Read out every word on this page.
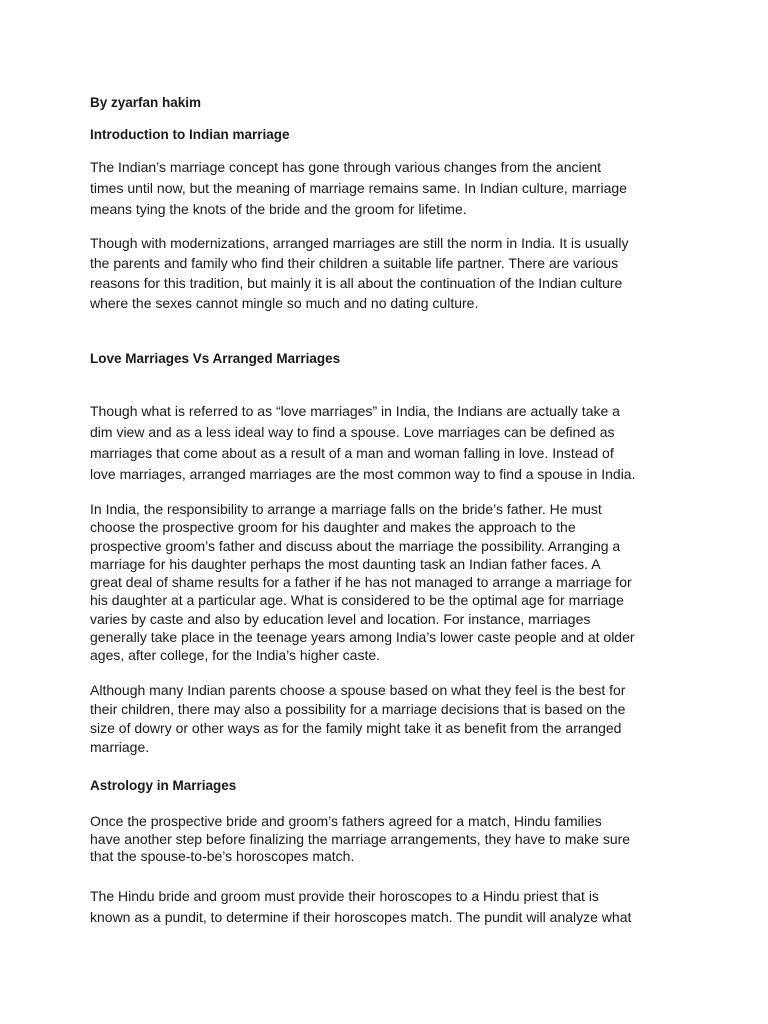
By zyarfan hakim
Introduction to Indian marriage
The Indian’s marriage concept has gone through various changes from the ancient
times until now, but the meaning of marriage remains same. In Indian culture, marriage
means tying the knots of the bride and the groom for lifetime.
Though with modernizations, arranged marriages are still the norm in India. It is usually
the parents and family who find their children a suitable life partner. There are various
reasons for this tradition, but mainly it is all about the continuation of the Indian culture
where the sexes cannot mingle so much and no dating culture.
Love Marriages Vs Arranged Marriages
Though what is referred to as “love marriages” in India, the Indians are actually take a
dim view and as a less ideal way to find a spouse. Love marriages can be defined as
marriages that come about as a result of a man and woman falling in love. Instead of
love marriages, arranged marriages are the most common way to find a spouse in India.
In India, the responsibility to arrange a marriage falls on the bride’s father. He must
choose the prospective groom for his daughter and makes the approach to the
prospective groom’s father and discuss about the marriage the possibility. Arranging a
marriage for his daughter perhaps the most daunting task an Indian father faces. A
great deal of shame results for a father if he has not managed to arrange a marriage for
his daughter at a particular age. What is considered to be the optimal age for marriage
varies by caste and also by education level and location. For instance, marriages
generally take place in the teenage years among India’s lower caste people and at older
ages, after college, for the India’s higher caste.
Although many Indian parents choose a spouse based on what they feel is the best for
their children, there may also a possibility for a marriage decisions that is based on the
size of dowry or other ways as for the family might take it as benefit from the arranged
marriage.
Astrology in Marriages
Once the prospective bride and groom’s fathers agreed for a match, Hindu families
have another step before finalizing the marriage arrangements, they have to make sure
that the spouse-to-be’s horoscopes match.
The Hindu bride and groom must provide their horoscopes to a Hindu priest that is
known as a pundit, to determine if their horoscopes match. The pundit will analyze what
